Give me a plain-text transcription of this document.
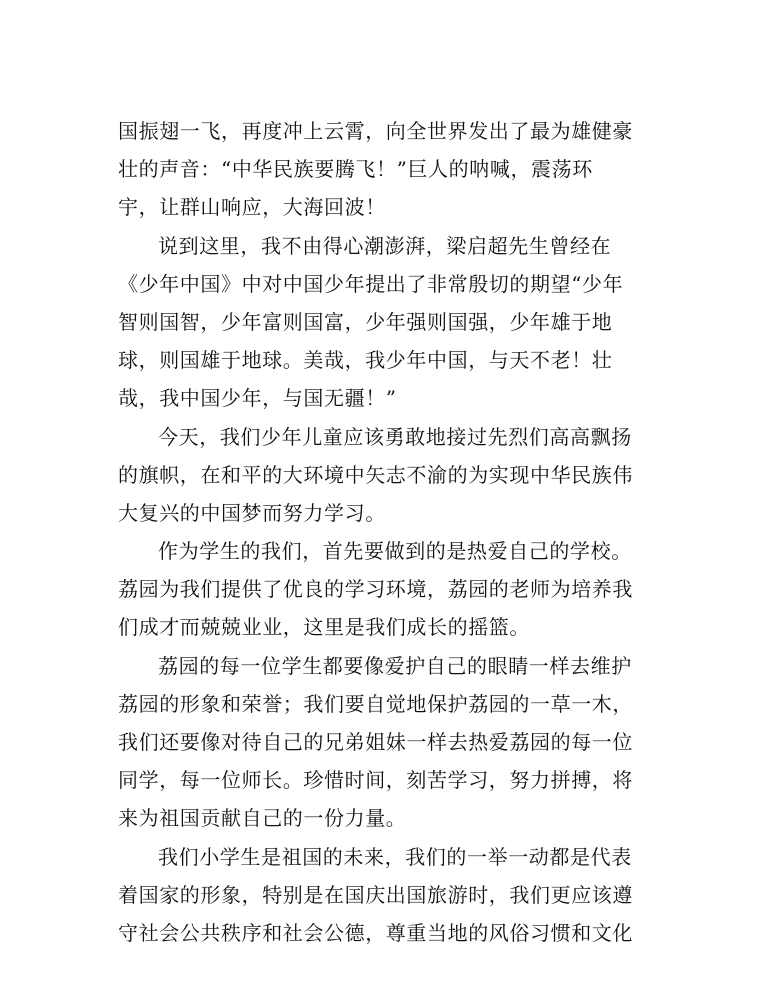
国振翅一飞，再度冲上云霄，向全世界发出了最为雄健豪
壮的声音：“中华民族要腾飞！”巨人的呐喊，震荡环
宇，让群山响应，大海回波！
说到这里，我不由得心潮澎湃，梁启超先生曾经在
《少年中国》中对中国少年提出了非常殷切的期望“少年
智则国智，少年富则国富，少年强则国强，少年雄于地
球，则国雄于地球。美哉，我少年中国，与天不老！壮
哉，我中国少年，与国无疆！”
今天，我们少年儿童应该勇敢地接过先烈们高高飘扬
的旗帜，在和平的大环境中矢志不渝的为实现中华民族伟
大复兴的中国梦而努力学习。
作为学生的我们，首先要做到的是热爱自己的学校。
荔园为我们提供了优良的学习环境，荔园的老师为培养我
们成才而兢兢业业，这里是我们成长的摇篮。
荔园的每一位学生都要像爱护自己的眼睛一样去维护
荔园的形象和荣誉；我们要自觉地保护荔园的一草一木，
我们还要像对待自己的兄弟姐妹一样去热爱荔园的每一位
同学，每一位师长。珍惜时间，刻苦学习，努力拼搏，将
来为祖国贡献自己的一份力量。
我们小学生是祖国的未来，我们的一举一动都是代表
着国家的形象，特别是在国庆出国旅游时，我们更应该遵
守社会公共秩序和社会公德，尊重当地的风俗习惯和文化
